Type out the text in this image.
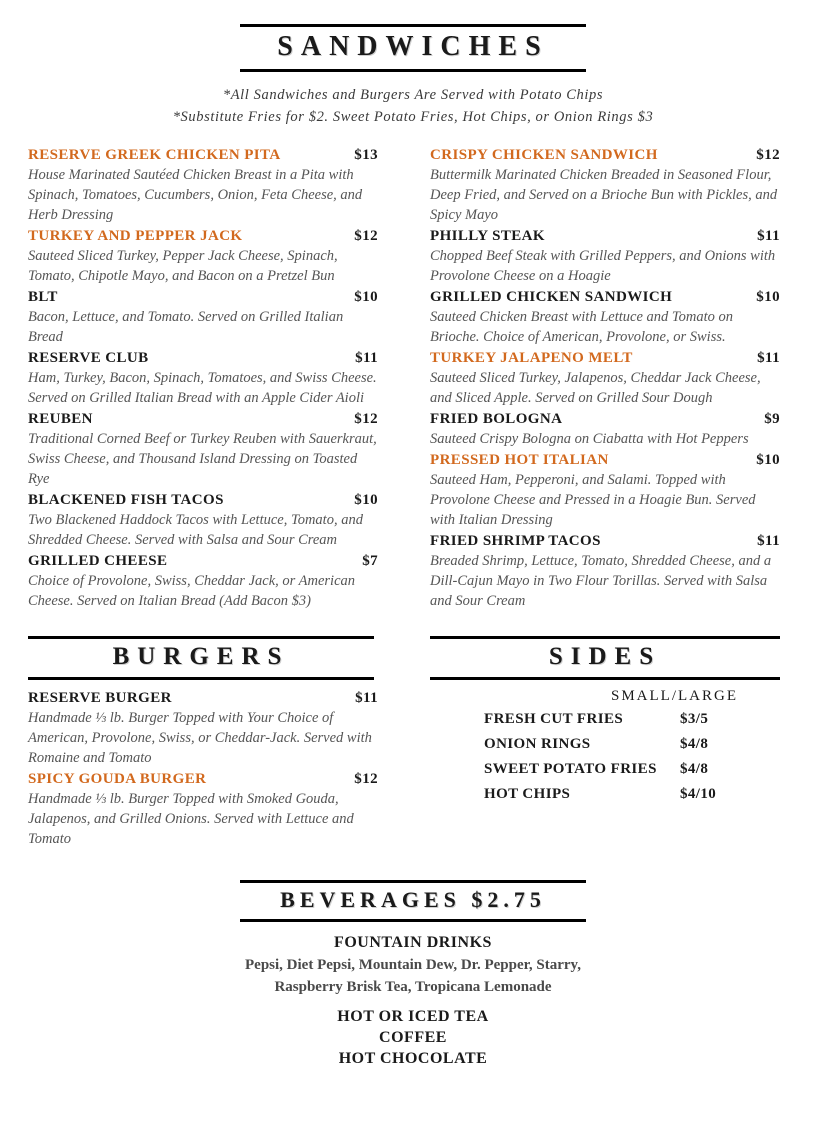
SANDWICHES
*All Sandwiches and Burgers Are Served with Potato Chips
*Substitute Fries for $2. Sweet Potato Fries, Hot Chips, or Onion Rings $3
RESERVE GREEK CHICKEN PITA	$13
House Marinated Sautéed Chicken Breast in a Pita with Spinach, Tomatoes, Cucumbers, Onion, Feta Cheese, and Herb Dressing
TURKEY AND PEPPER JACK	$12
Sauteed Sliced Turkey, Pepper Jack Cheese, Spinach, Tomato, Chipotle Mayo, and Bacon on a Pretzel Bun
BLT	$10
Bacon, Lettuce, and Tomato. Served on Grilled Italian Bread
RESERVE CLUB	$11
Ham, Turkey, Bacon, Spinach, Tomatoes, and Swiss Cheese. Served on Grilled Italian Bread with an Apple Cider Aioli
REUBEN	$12
Traditional Corned Beef or Turkey Reuben with Sauerkraut, Swiss Cheese, and Thousand Island Dressing on Toasted Rye
BLACKENED FISH TACOS	$10
Two Blackened Haddock Tacos with Lettuce, Tomato, and Shredded Cheese. Served with Salsa and Sour Cream
GRILLED CHEESE	$7
Choice of Provolone, Swiss, Cheddar Jack, or American Cheese. Served on Italian Bread (Add Bacon $3)
CRISPY CHICKEN SANDWICH	$12
Buttermilk Marinated Chicken Breaded in Seasoned Flour, Deep Fried, and Served on a Brioche Bun with Pickles, and Spicy Mayo
PHILLY STEAK	$11
Chopped Beef Steak with Grilled Peppers, and Onions with Provolone Cheese on a Hoagie
GRILLED CHICKEN SANDWICH	$10
Sauteed Chicken Breast with Lettuce and Tomato on Brioche. Choice of American, Provolone, or Swiss.
TURKEY JALAPENO MELT	$11
Sauteed Sliced Turkey, Jalapenos, Cheddar Jack Cheese, and Sliced Apple. Served on Grilled Sour Dough
FRIED BOLOGNA	$9
Sauteed Crispy Bologna on Ciabatta with Hot Peppers
PRESSED HOT ITALIAN	$10
Sauteed Ham, Pepperoni, and Salami. Topped with Provolone Cheese and Pressed in a Hoagie Bun. Served with Italian Dressing
FRIED SHRIMP TACOS	$11
Breaded Shrimp, Lettuce, Tomato, Shredded Cheese, and a Dill-Cajun Mayo in Two Flour Torillas. Served with Salsa and Sour Cream
BURGERS
RESERVE BURGER	$11
Handmade ⅓ lb. Burger Topped with Your Choice of American, Provolone, Swiss, or Cheddar-Jack. Served with Romaine and Tomato
SPICY GOUDA BURGER	$12
Handmade ⅓ lb. Burger Topped with Smoked Gouda, Jalapenos, and Grilled Onions. Served with Lettuce and Tomato
SIDES
SMALL/LARGE
FRESH CUT FRIES	$3/5
ONION RINGS	$4/8
SWEET POTATO FRIES	$4/8
HOT CHIPS	$4/10
BEVERAGES $2.75
FOUNTAIN DRINKS
Pepsi, Diet Pepsi, Mountain Dew, Dr. Pepper, Starry,
Raspberry Brisk Tea, Tropicana Lemonade
HOT OR ICED TEA
COFFEE
HOT CHOCOLATE
